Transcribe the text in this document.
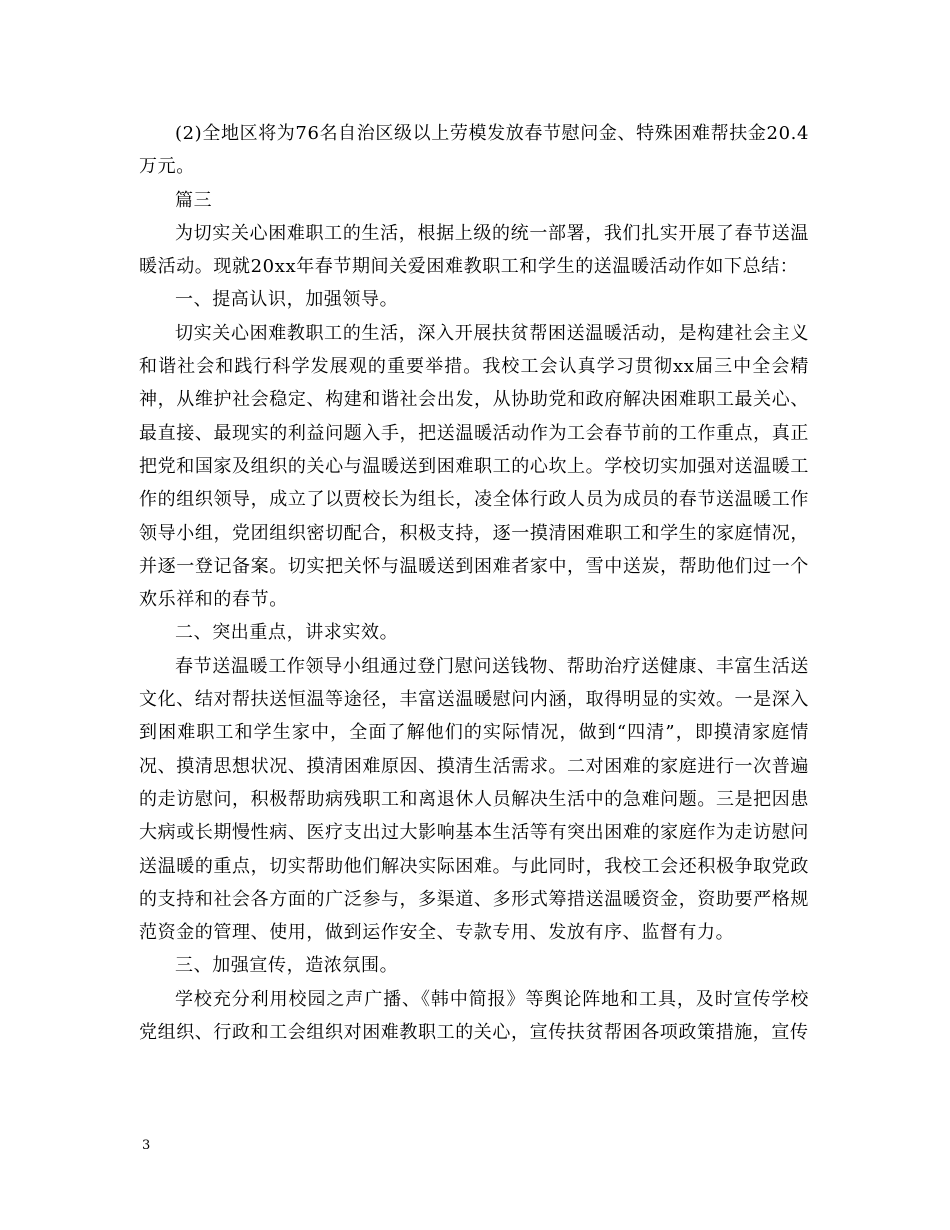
(2)全地区将为76名自治区级以上劳模发放春节慰问金、特殊困难帮扶金20.4万元。

篇三

为切实关心困难职工的生活，根据上级的统一部署，我们扎实开展了春节送温暖活动。现就20xx年春节期间关爱困难教职工和学生的送温暖活动作如下总结：

一、提高认识，加强领导。

切实关心困难教职工的生活，深入开展扶贫帮困送温暖活动，是构建社会主义和谐社会和践行科学发展观的重要举措。我校工会认真学习贯彻xx届三中全会精神，从维护社会稳定、构建和谐社会出发，从协助党和政府解决困难职工最关心、最直接、最现实的利益问题入手，把送温暖活动作为工会春节前的工作重点，真正把党和国家及组织的关心与温暖送到困难职工的心坎上。学校切实加强对送温暖工作的组织领导，成立了以贾校长为组长，凌全体行政人员为成员的春节送温暖工作领导小组，党团组织密切配合，积极支持，逐一摸清困难职工和学生的家庭情况，并逐一登记备案。切实把关怀与温暖送到困难者家中，雪中送炭，帮助他们过一个欢乐祥和的春节。

二、突出重点，讲求实效。

春节送温暖工作领导小组通过登门慰问送钱物、帮助治疗送健康、丰富生活送文化、结对帮扶送恒温等途径，丰富送温暖慰问内涵，取得明显的实效。一是深入到困难职工和学生家中，全面了解他们的实际情况，做到“四清”，即摸清家庭情况、摸清思想状况、摸清困难原因、摸清生活需求。二对困难的家庭进行一次普遍的走访慰问，积极帮助病残职工和离退休人员解决生活中的急难问题。三是把因患大病或长期慢性病、医疗支出过大影响基本生活等有突出困难的家庭作为走访慰问送温暖的重点，切实帮助他们解决实际困难。与此同时，我校工会还积极争取党政的支持和社会各方面的广泛参与，多渠道、多形式筹措送温暖资金，资助要严格规范资金的管理、使用，做到运作安全、专款专用、发放有序、监督有力。

三、加强宣传，造浓氛围。

学校充分利用校园之声广播、《韩中简报》等舆论阵地和工具，及时宣传学校党组织、行政和工会组织对困难教职工的关心，宣传扶贫帮困各项政策措施，宣传

3
